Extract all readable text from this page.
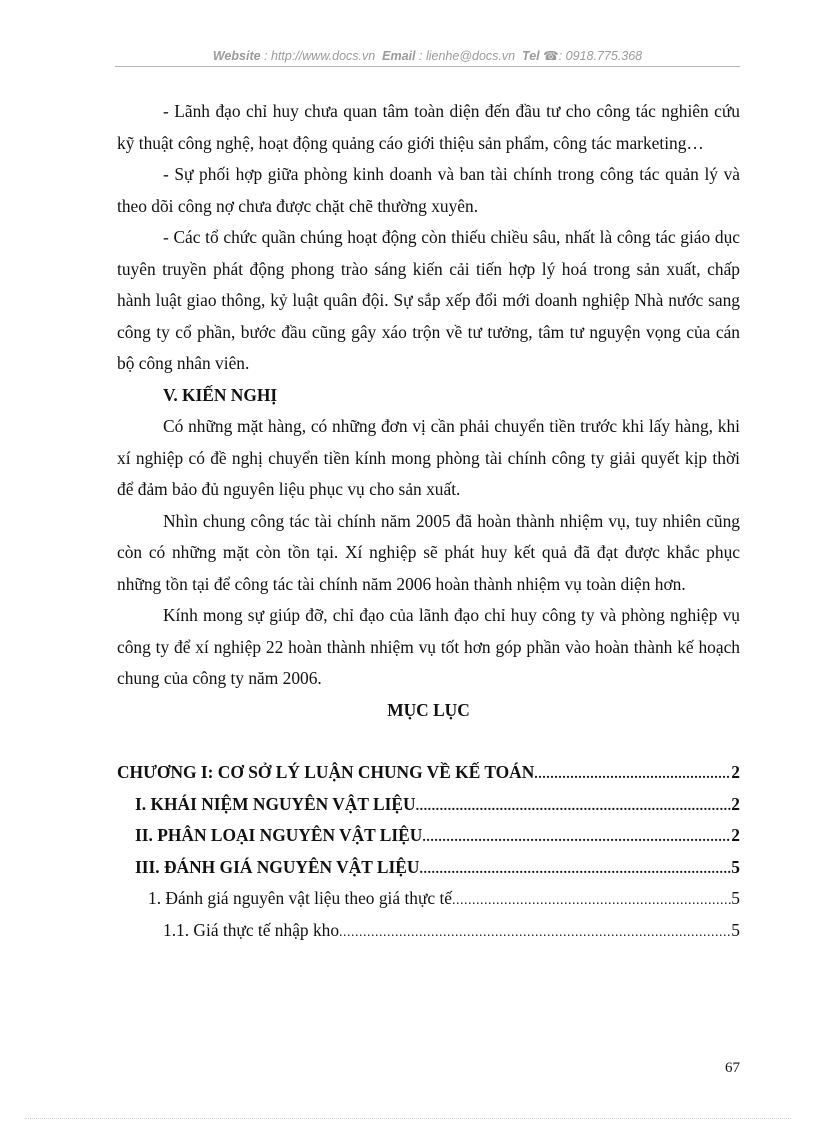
Website : http://www.docs.vn Email : lienhe@docs.vn Tel ☎: 0918.775.368

- Lãnh đạo chỉ huy chưa quan tâm toàn diện đến đầu tư cho công tác nghiên cứu kỹ thuật công nghệ, hoạt động quảng cáo giới thiệu sản phẩm, công tác marketing…

- Sự phối hợp giữa phòng kinh doanh và ban tài chính trong công tác quản lý và theo dõi công nợ chưa được chặt chẽ thường xuyên.

- Các tổ chức quần chúng hoạt động còn thiếu chiều sâu, nhất là công tác giáo dục tuyên truyền phát động phong trào sáng kiến cải tiến hợp lý hoá trong sản xuất, chấp hành luật giao thông, kỷ luật quân đội. Sự sắp xếp đổi mới doanh nghiệp Nhà nước sang công ty cổ phần, bước đầu cũng gây xáo trộn về tư tưởng, tâm tư nguyện vọng của cán bộ công nhân viên.

V. KIẾN NGHỊ

Có những mặt hàng, có những đơn vị cần phải chuyển tiền trước khi lấy hàng, khi xí nghiệp có đề nghị chuyển tiền kính mong phòng tài chính công ty giải quyết kịp thời để đảm bảo đủ nguyên liệu phục vụ cho sản xuất.

Nhìn chung công tác tài chính năm 2005 đã hoàn thành nhiệm vụ, tuy nhiên cũng còn có những mặt còn tồn tại. Xí nghiệp sẽ phát huy kết quả đã đạt được khắc phục những tồn tại để công tác tài chính năm 2006 hoàn thành nhiệm vụ toàn diện hơn.

Kính mong sự giúp đỡ, chỉ đạo của lãnh đạo chỉ huy công ty và phòng nghiệp vụ công ty để xí nghiệp 22 hoàn thành nhiệm vụ tốt hơn góp phần vào hoàn thành kế hoạch chung của công ty năm 2006.

MỤC LỤC

CHƯƠNG I: CƠ SỞ LÝ LUẬN CHUNG VỀ KẾ TOÁN .....	2
I. KHÁI NIỆM NGUYÊN VẬT LIỆU .....	2
II. PHÂN LOẠI NGUYÊN VẬT LIỆU .....	2
III. ĐÁNH GIÁ NGUYÊN VẬT LIỆU .....	5
1. Đánh giá nguyên vật liệu theo giá thực tế .....	5
1.1. Giá thực tế nhập kho .....	5
67
